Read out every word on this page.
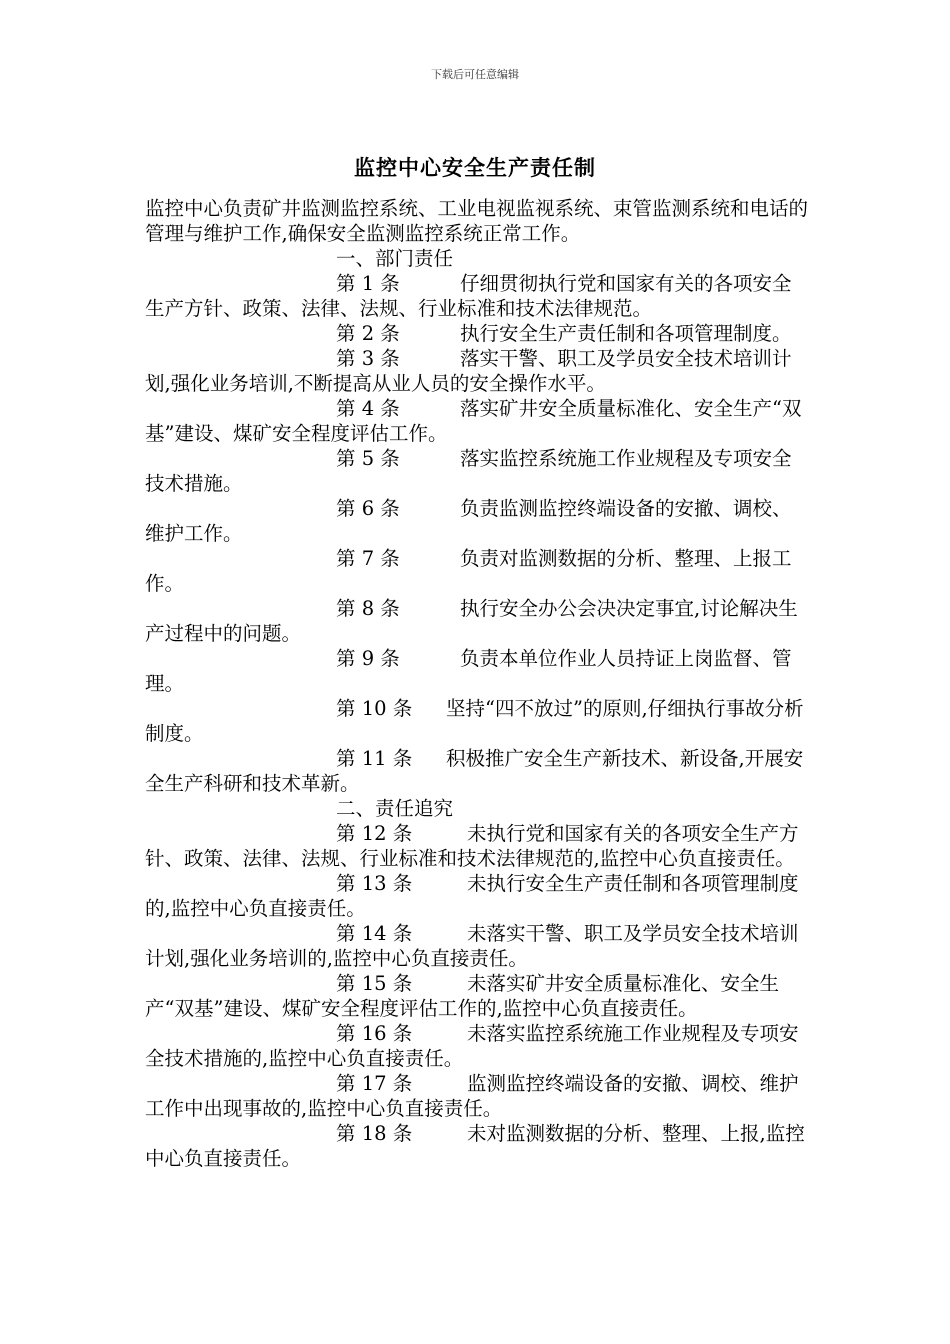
下载后可任意编辑
监控中心安全生产责任制

监控中心负责矿井监测监控系统、工业电视监视系统、束管监测系统和电话的管理与维护工作,确保安全监测监控系统正常工作。

一、部门责任

第 1 条	仔细贯彻执行党和国家有关的各项安全生产方针、政策、法律、法规、行业标准和技术法律规范。

第 2 条	执行安全生产责任制和各项管理制度。

第 3 条	落实干警、职工及学员安全技术培训计划,强化业务培训,不断提高从业人员的安全操作水平。

第 4 条	落实矿井安全质量标准化、安全生产“双基”建设、煤矿安全程度评估工作。

第 5 条	落实监控系统施工作业规程及专项安全技术措施。

第 6 条	负责监测监控终端设备的安撤、调校、维护工作。

第 7 条	负责对监测数据的分析、整理、上报工作。

第 8 条	执行安全办公会决决定事宜,讨论解决生产过程中的问题。

第 9 条	负责本单位作业人员持证上岗监督、管理。

第 10 条 坚持“四不放过”的原则,仔细执行事故分析制度。

第 11 条 积极推广安全生产新技术、新设备,开展安全生产科研和技术革新。

二、责任追究

第 12 条	未执行党和国家有关的各项安全生产方针、政策、法律、法规、行业标准和技术法律规范的,监控中心负直接责任。

第 13 条	未执行安全生产责任制和各项管理制度的,监控中心负直接责任。

第 14 条	未落实干警、职工及学员安全技术培训计划,强化业务培训的,监控中心负直接责任。

第 15 条	未落实矿井安全质量标准化、安全生产“双基”建设、煤矿安全程度评估工作的,监控中心负直接责任。

第 16 条	未落实监控系统施工作业规程及专项安全技术措施的,监控中心负直接责任。

第 17 条	监测监控终端设备的安撤、调校、维护工作中出现事故的,监控中心负直接责任。

第 18 条	未对监测数据的分析、整理、上报,监控中心负直接责任。
